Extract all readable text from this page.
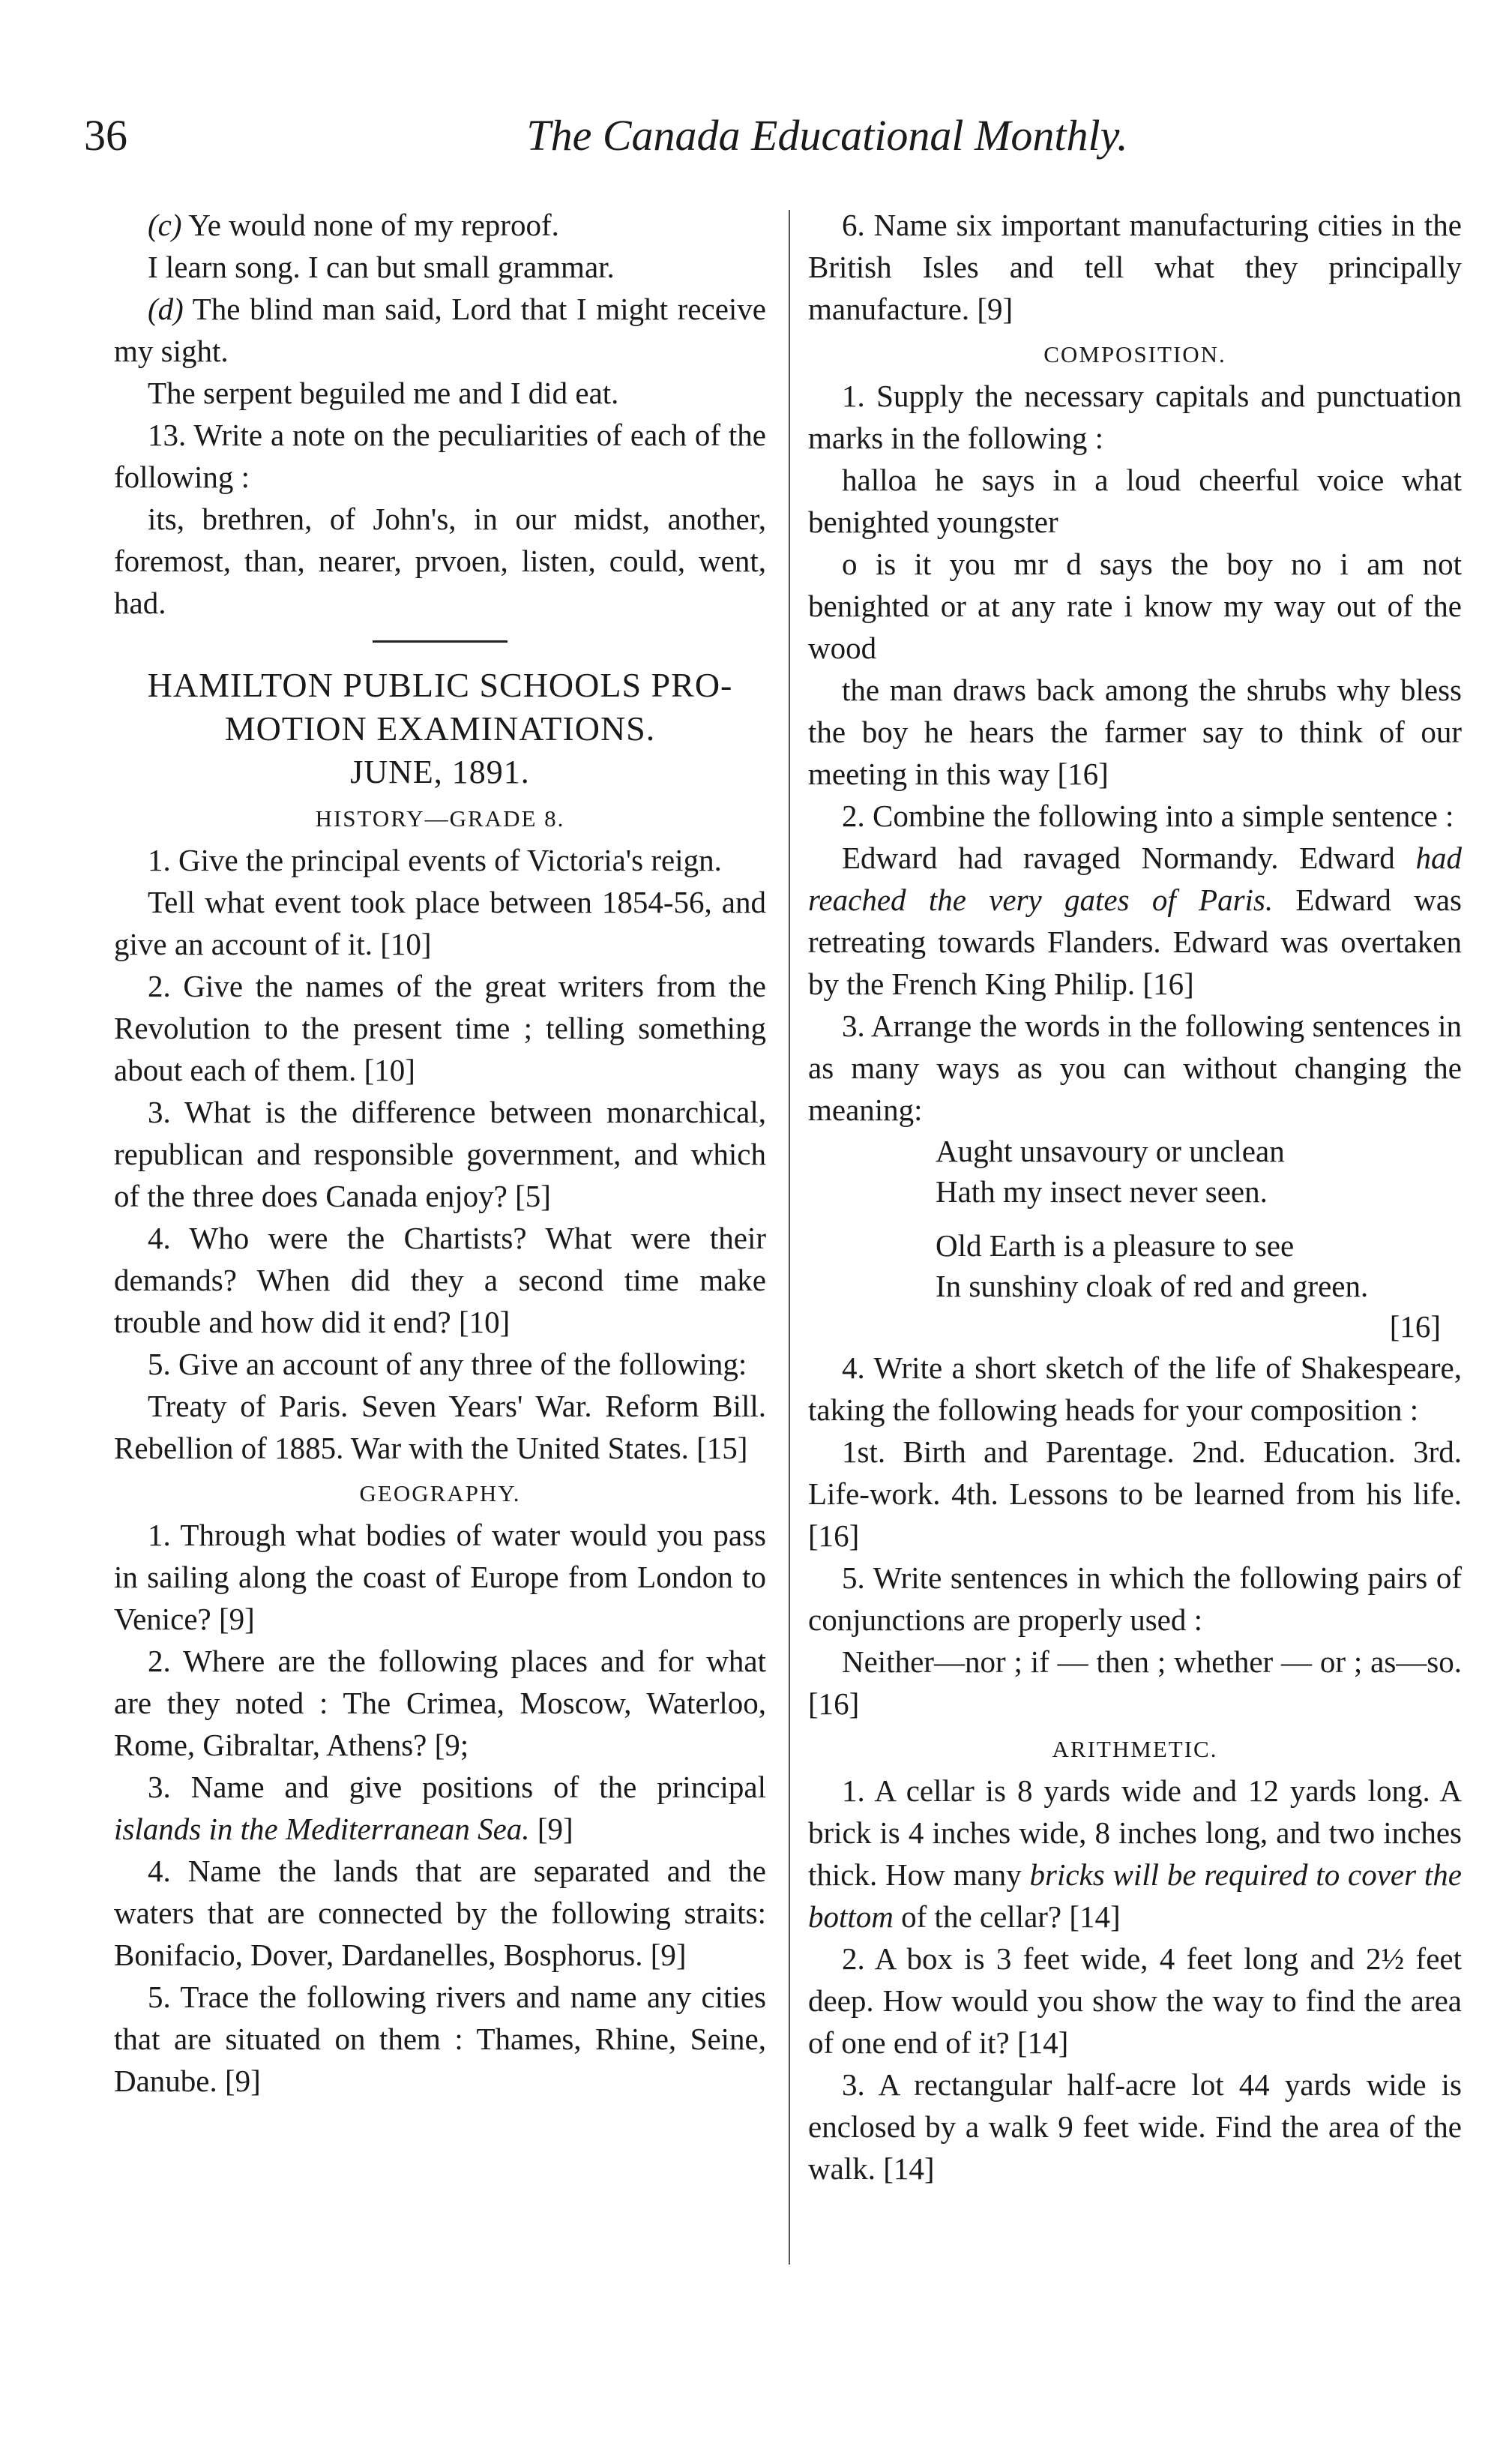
36	The Canada Educational Monthly.

(c) Ye would none of my reproof.

I learn song. I can but small grammar.

(d) The blind man said, Lord that I might receive my sight.

The serpent beguiled me and I did eat.

13. Write a note on the peculiarities of each of the following :

its, brethren, of John's, in our midst, another, foremost, than, nearer, prvoen, listen, could, went, had.

HAMILTON PUBLIC SCHOOLS PRO-
MOTION EXAMINATIONS.
JUNE, 1891.
HISTORY—GRADE 8.

1. Give the principal events of Victoria's reign.

Tell what event took place between 1854-56, and give an account of it. [10]

2. Give the names of the great writers from the Revolution to the present time ; telling something about each of them. [10]

3. What is the difference between monarchical, republican and responsible government, and which of the three does Canada enjoy? [5]

4. Who were the Chartists? What were their demands? When did they a second time make trouble and how did it end? [10]

5. Give an account of any three of the following:

Treaty of Paris. Seven Years' War. Reform Bill. Rebellion of 1885. War with the United States. [15]

GEOGRAPHY.

1. Through what bodies of water would you pass in sailing along the coast of Europe from London to Venice? [9]

2. Where are the following places and for what are they noted : The Crimea, Moscow, Waterloo, Rome, Gibraltar, Athens? [9;

3. Name and give positions of the principal islands in the Mediterranean Sea. [9]

4. Name the lands that are separated and the waters that are connected by the following straits: Bonifacio, Dover, Dardanelles, Bosphorus. [9]

5. Trace the following rivers and name any cities that are situated on them : Thames, Rhine, Seine, Danube. [9]

6. Name six important manufacturing cities in the British Isles and tell what they principally manufacture. [9]

COMPOSITION.

1. Supply the necessary capitals and punctuation marks in the following :

halloa he says in a loud cheerful voice what benighted youngster

o is it you mr d says the boy no i am not benighted or at any rate i know my way out of the wood

the man draws back among the shrubs why bless the boy he hears the farmer say to think of our meeting in this way [16]

2. Combine the following into a simple sentence :

Edward had ravaged Normandy. Edward had reached the very gates of Paris. Edward was retreating towards Flanders. Edward was overtaken by the French King Philip. [16]

3. Arrange the words in the following sentences in as many ways as you can without changing the meaning:

Aught unsavoury or unclean
Hath my insect never seen.
Old Earth is a pleasure to see
In sunshiny cloak of red and green.
[16]

4. Write a short sketch of the life of Shakespeare, taking the following heads for your composition :

1st. Birth and Parentage. 2nd. Education. 3rd. Life-work. 4th. Lessons to be learned from his life. [16]

5. Write sentences in which the following pairs of conjunctions are properly used :

Neither—nor ; if — then ; whether — or ; as—so. [16]

ARITHMETIC.

1. A cellar is 8 yards wide and 12 yards long. A brick is 4 inches wide, 8 inches long, and two inches thick. How many bricks will be required to cover the bottom of the cellar? [14]

2. A box is 3 feet wide, 4 feet long and 2½ feet deep. How would you show the way to find the area of one end of it? [14]

3. A rectangular half-acre lot 44 yards wide is enclosed by a walk 9 feet wide. Find the area of the walk. [14]
